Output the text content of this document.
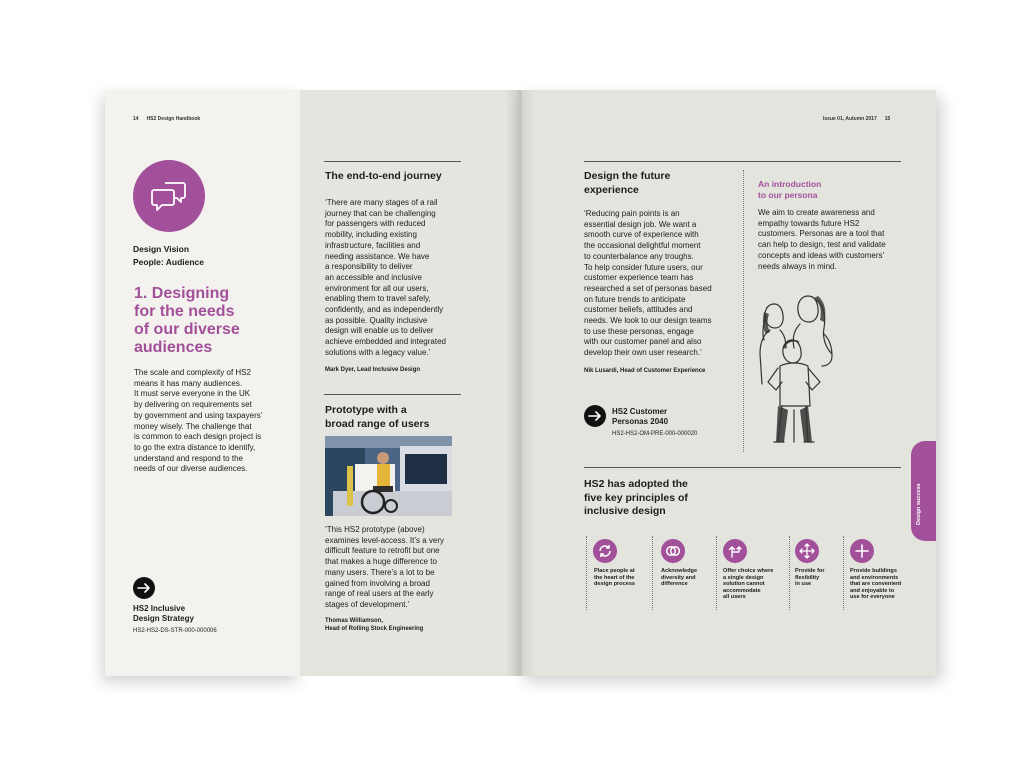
14 HS2 Design Handbook
Design Vision
People: Audience
1. Designing
for the needs
of our diverse
audiences
The scale and complexity of HS2
means it has many audiences.
It must serve everyone in the UK
by delivering on requirements set
by government and using taxpayers’
money wisely. The challenge that
is common to each design project is
to go the extra distance to identify,
understand and respond to the
needs of our diverse audiences.
HS2 Inclusive
Design Strategy
HS2-HS2-DS-STR-000-000006
The end-to-end journey
‘There are many stages of a rail
journey that can be challenging
for passengers with reduced
mobility, including existing
infrastructure, facilities and
needing assistance. We have
a responsibility to deliver
an accessible and inclusive
environment for all our users,
enabling them to travel safely,
confidently, and as independently
as possible. Quality inclusive
design will enable us to deliver
achieve embedded and integrated
solutions with a legacy value.’
Mark Dyer, Lead Inclusive Design
Prototype with a
broad range of users
‘This HS2 prototype (above)
examines level-access. It’s a very
difficult feature to retrofit but one
that makes a huge difference to
many users. There’s a lot to be
gained from involving a broad
range of real users at the early
stages of development.’
Thomas Williamson,
Head of Rolling Stock Engineering
Issue 01, Autumn 2017 15
Design the future
experience
‘Reducing pain points is an
essential design job. We want a
smooth curve of experience with
the occasional delightful moment
to counterbalance any troughs.
To help consider future users, our
customer experience team has
researched a set of personas based
on future trends to anticipate
customer beliefs, attitudes and
needs. We look to our design teams
to use these personas, engage
with our customer panel and also
develop their own user research.’
Nik Lusardi, Head of Customer Experience
HS2 Customer
Personas 2040
HS2-HS2-OM-PRE-000-000020
An introduction
to our persona
We aim to create awareness and
empathy towards future HS2
customers. Personas are a tool that
can help to design, test and validate
concepts and ideas with customers’
needs always in mind.
HS2 has adopted the
five key principles of
inclusive design
Place people at
the heart of the
design process
Acknowledge
diversity and
difference
Offer choice where
a single design
solution cannot
accommodate
all users
Provide for
flexibility
in use
Provide buildings
and environments
that are convenient
and enjoyable to
use for everyone
Design success
